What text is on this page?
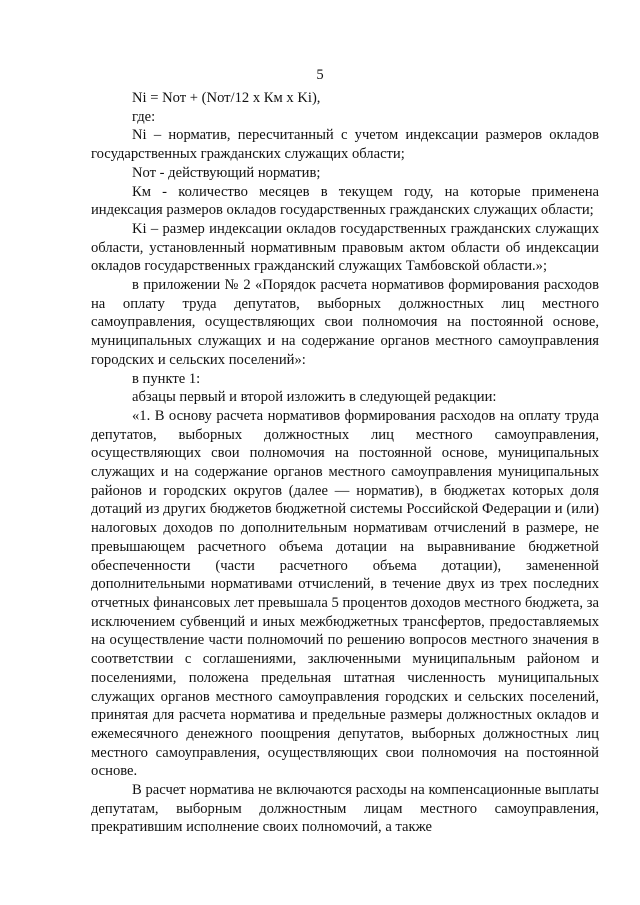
5

Ni = Nот + (Nот/12 х Км х Ki),

где:

Ni – норматив, пересчитанный с учетом индексации размеров окладов государственных гражданских служащих области;

Nот - действующий норматив;

Км - количество месяцев в текущем году, на которые применена индексация размеров окладов государственных гражданских служащих области;

Ki – размер индексации окладов государственных гражданских служащих области, установленный нормативным правовым актом области об индексации окладов государственных гражданский служащих Тамбовской области.»;

в приложении № 2 «Порядок расчета нормативов формирования расходов на оплату труда депутатов, выборных должностных лиц местного самоуправления, осуществляющих свои полномочия на постоянной основе, муниципальных служащих и на содержание органов местного самоуправления городских и сельских поселений»:

в пункте 1:

абзацы первый и второй изложить в следующей редакции:

«1. В основу расчета нормативов формирования расходов на оплату труда депутатов, выборных должностных лиц местного самоуправления, осуществляющих свои полномочия на постоянной основе, муниципальных служащих и на содержание органов местного самоуправления муниципальных районов и городских округов (далее — норматив), в бюджетах которых доля дотаций из других бюджетов бюджетной системы Российской Федерации и (или) налоговых доходов по дополнительным нормативам отчислений в размере, не превышающем расчетного объема дотации на выравнивание бюджетной обеспеченности (части расчетного объема дотации), замененной дополнительными нормативами отчислений, в течение двух из трех последних отчетных финансовых лет превышала 5 процентов доходов местного бюджета, за исключением субвенций и иных межбюджетных трансфертов, предоставляемых на осуществление части полномочий по решению вопросов местного значения в соответствии с соглашениями, заключенными муниципальным районом и поселениями, положена предельная штатная численность муниципальных служащих органов местного самоуправления городских и сельских поселений, принятая для расчета норматива и предельные размеры должностных окладов и ежемесячного денежного поощрения депутатов, выборных должностных лиц местного самоуправления, осуществляющих свои полномочия на постоянной основе.

В расчет норматива не включаются расходы на компенсационные выплаты депутатам, выборным должностным лицам местного самоуправления, прекратившим исполнение своих полномочий, а также
